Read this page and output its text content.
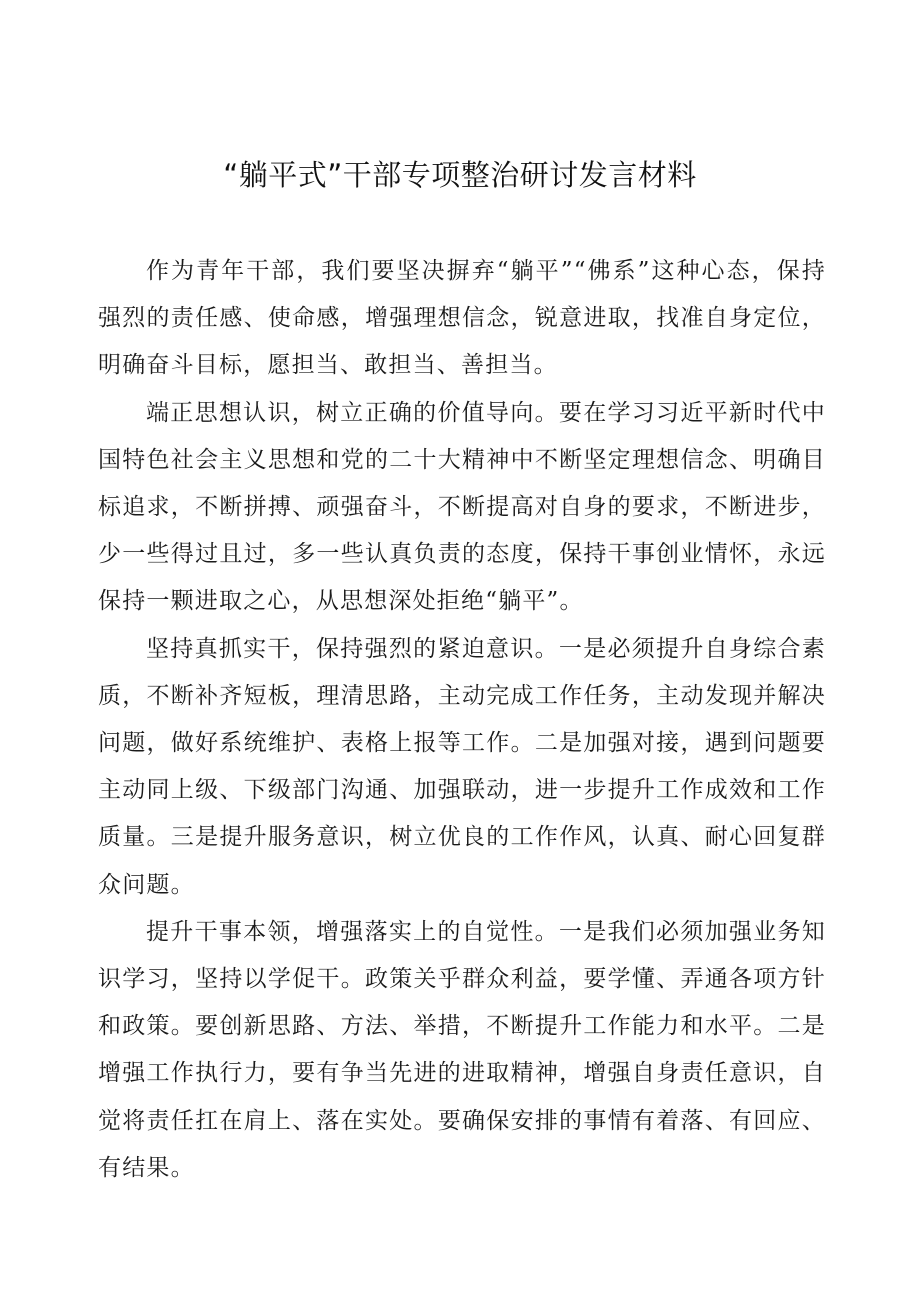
“躺平式”干部专项整治研讨发言材料

作为青年干部，我们要坚决摒弃“躺平”“佛系”这种心态，保持强烈的责任感、使命感，增强理想信念，锐意进取，找准自身定位，明确奋斗目标，愿担当、敢担当、善担当。

端正思想认识，树立正确的价值导向。要在学习习近平新时代中国特色社会主义思想和党的二十大精神中不断坚定理想信念、明确目标追求，不断拼搏、顽强奋斗，不断提高对自身的要求，不断进步，少一些得过且过，多一些认真负责的态度，保持干事创业情怀，永远保持一颗进取之心，从思想深处拒绝“躺平”。

坚持真抓实干，保持强烈的紧迫意识。一是必须提升自身综合素质，不断补齐短板，理清思路，主动完成工作任务，主动发现并解决问题，做好系统维护、表格上报等工作。二是加强对接，遇到问题要主动同上级、下级部门沟通、加强联动，进一步提升工作成效和工作质量。三是提升服务意识，树立优良的工作作风，认真、耐心回复群众问题。

提升干事本领，增强落实上的自觉性。一是我们必须加强业务知识学习，坚持以学促干。政策关乎群众利益，要学懂、弄通各项方针和政策。要创新思路、方法、举措，不断提升工作能力和水平。二是增强工作执行力，要有争当先进的进取精神，增强自身责任意识，自觉将责任扛在肩上、落在实处。要确保安排的事情有着落、有回应、有结果。
